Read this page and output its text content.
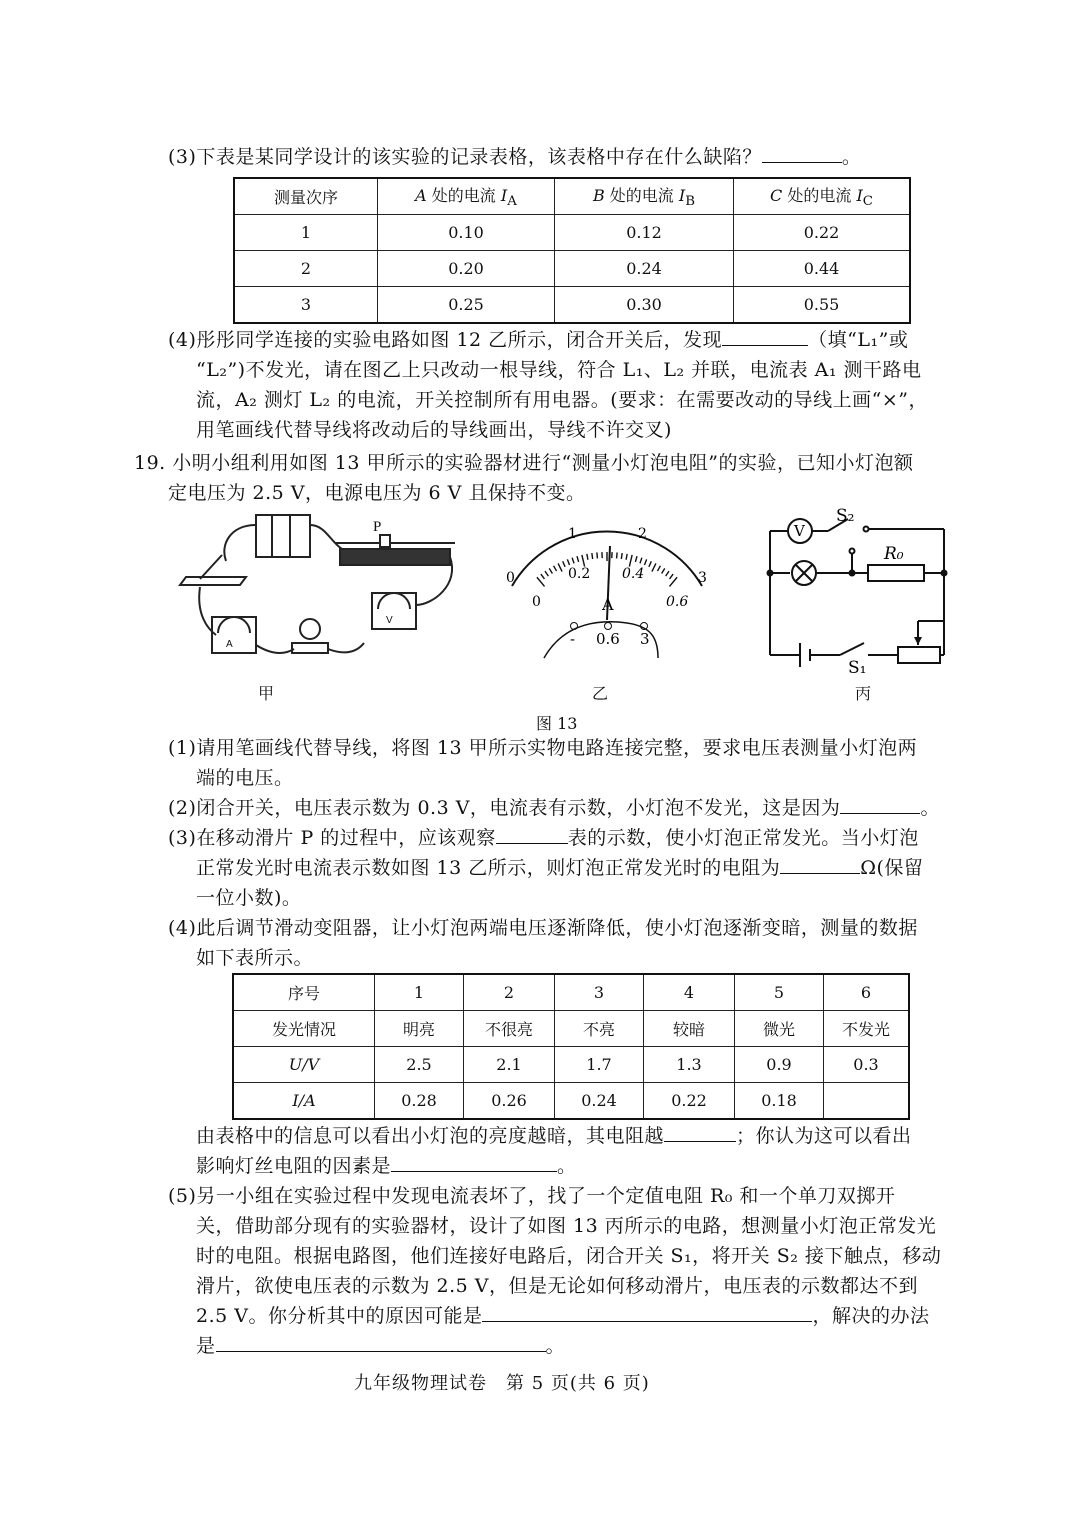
(3)下表是某同学设计的该实验的记录表格，该表格中存在什么缺陷？	。
测量次序	A 处的电流 $I_A$	B 处的电流 $I_B$	C 处的电流 $I_C$
1	0.10	0.12	0.22
2	0.20	0.24	0.44
3	0.25	0.30	0.55
(4)彤彤同学连接的实验电路如图 12 乙所示，闭合开关后，发现	（填“L₁”或
“L₂”)不发光，请在图乙上只改动一根导线，符合 L₁、L₂ 并联，电流表 A₁ 测干路电
流，A₂ 测灯 L₂ 的电流，开关控制所有用电器。(要求：在需要改动的导线上画“×”，
用笔画线代替导线将改动后的导线画出，导线不许交叉)
19. 小明小组利用如图 13 甲所示的实验器材进行“测量小灯泡电阻”的实验，已知小灯泡额
定电压为 2.5 V，电源电压为 6 V 且保持不变。
P
A
V
0
1	2
3
0
0.2 0.4
0.6
A
- 0.6 3
V
S₂
R₀
S₁
甲	乙	丙
图 13
(1)请用笔画线代替导线，将图 13 甲所示实物电路连接完整，要求电压表测量小灯泡两
端的电压。
(2)闭合开关，电压表示数为 0.3 V，电流表有示数，小灯泡不发光，这是因为	。
(3)在移动滑片 P 的过程中，应该观察	表的示数，使小灯泡正常发光。当小灯泡
正常发光时电流表示数如图 13 乙所示，则灯泡正常发光时的电阻为	Ω(保留
一位小数)。
(4)此后调节滑动变阻器，让小灯泡两端电压逐渐降低，使小灯泡逐渐变暗，测量的数据
如下表所示。
序号	1	2	3	4	5	6
发光情况	明亮	不很亮	不亮	较暗	微光	不发光
U/V	2.5	2.1	1.7	1.3	0.9	0.3
I/A	0.28	0.26	0.24	0.22	0.18	
由表格中的信息可以看出小灯泡的亮度越暗，其电阻越	；你认为这可以看出
影响灯丝电阻的因素是	。
(5)另一小组在实验过程中发现电流表坏了，找了一个定值电阻 R₀ 和一个单刀双掷开
关，借助部分现有的实验器材，设计了如图 13 丙所示的电路，想测量小灯泡正常发光
时的电阻。根据电路图，他们连接好电路后，闭合开关 S₁，将开关 S₂ 接下触点，移动
滑片，欲使电压表的示数为 2.5 V，但是无论如何移动滑片，电压表的示数都达不到
2.5 V。你分析其中的原因可能是	，解决的办法
是	。
九年级物理试卷　第 5 页(共 6 页)
